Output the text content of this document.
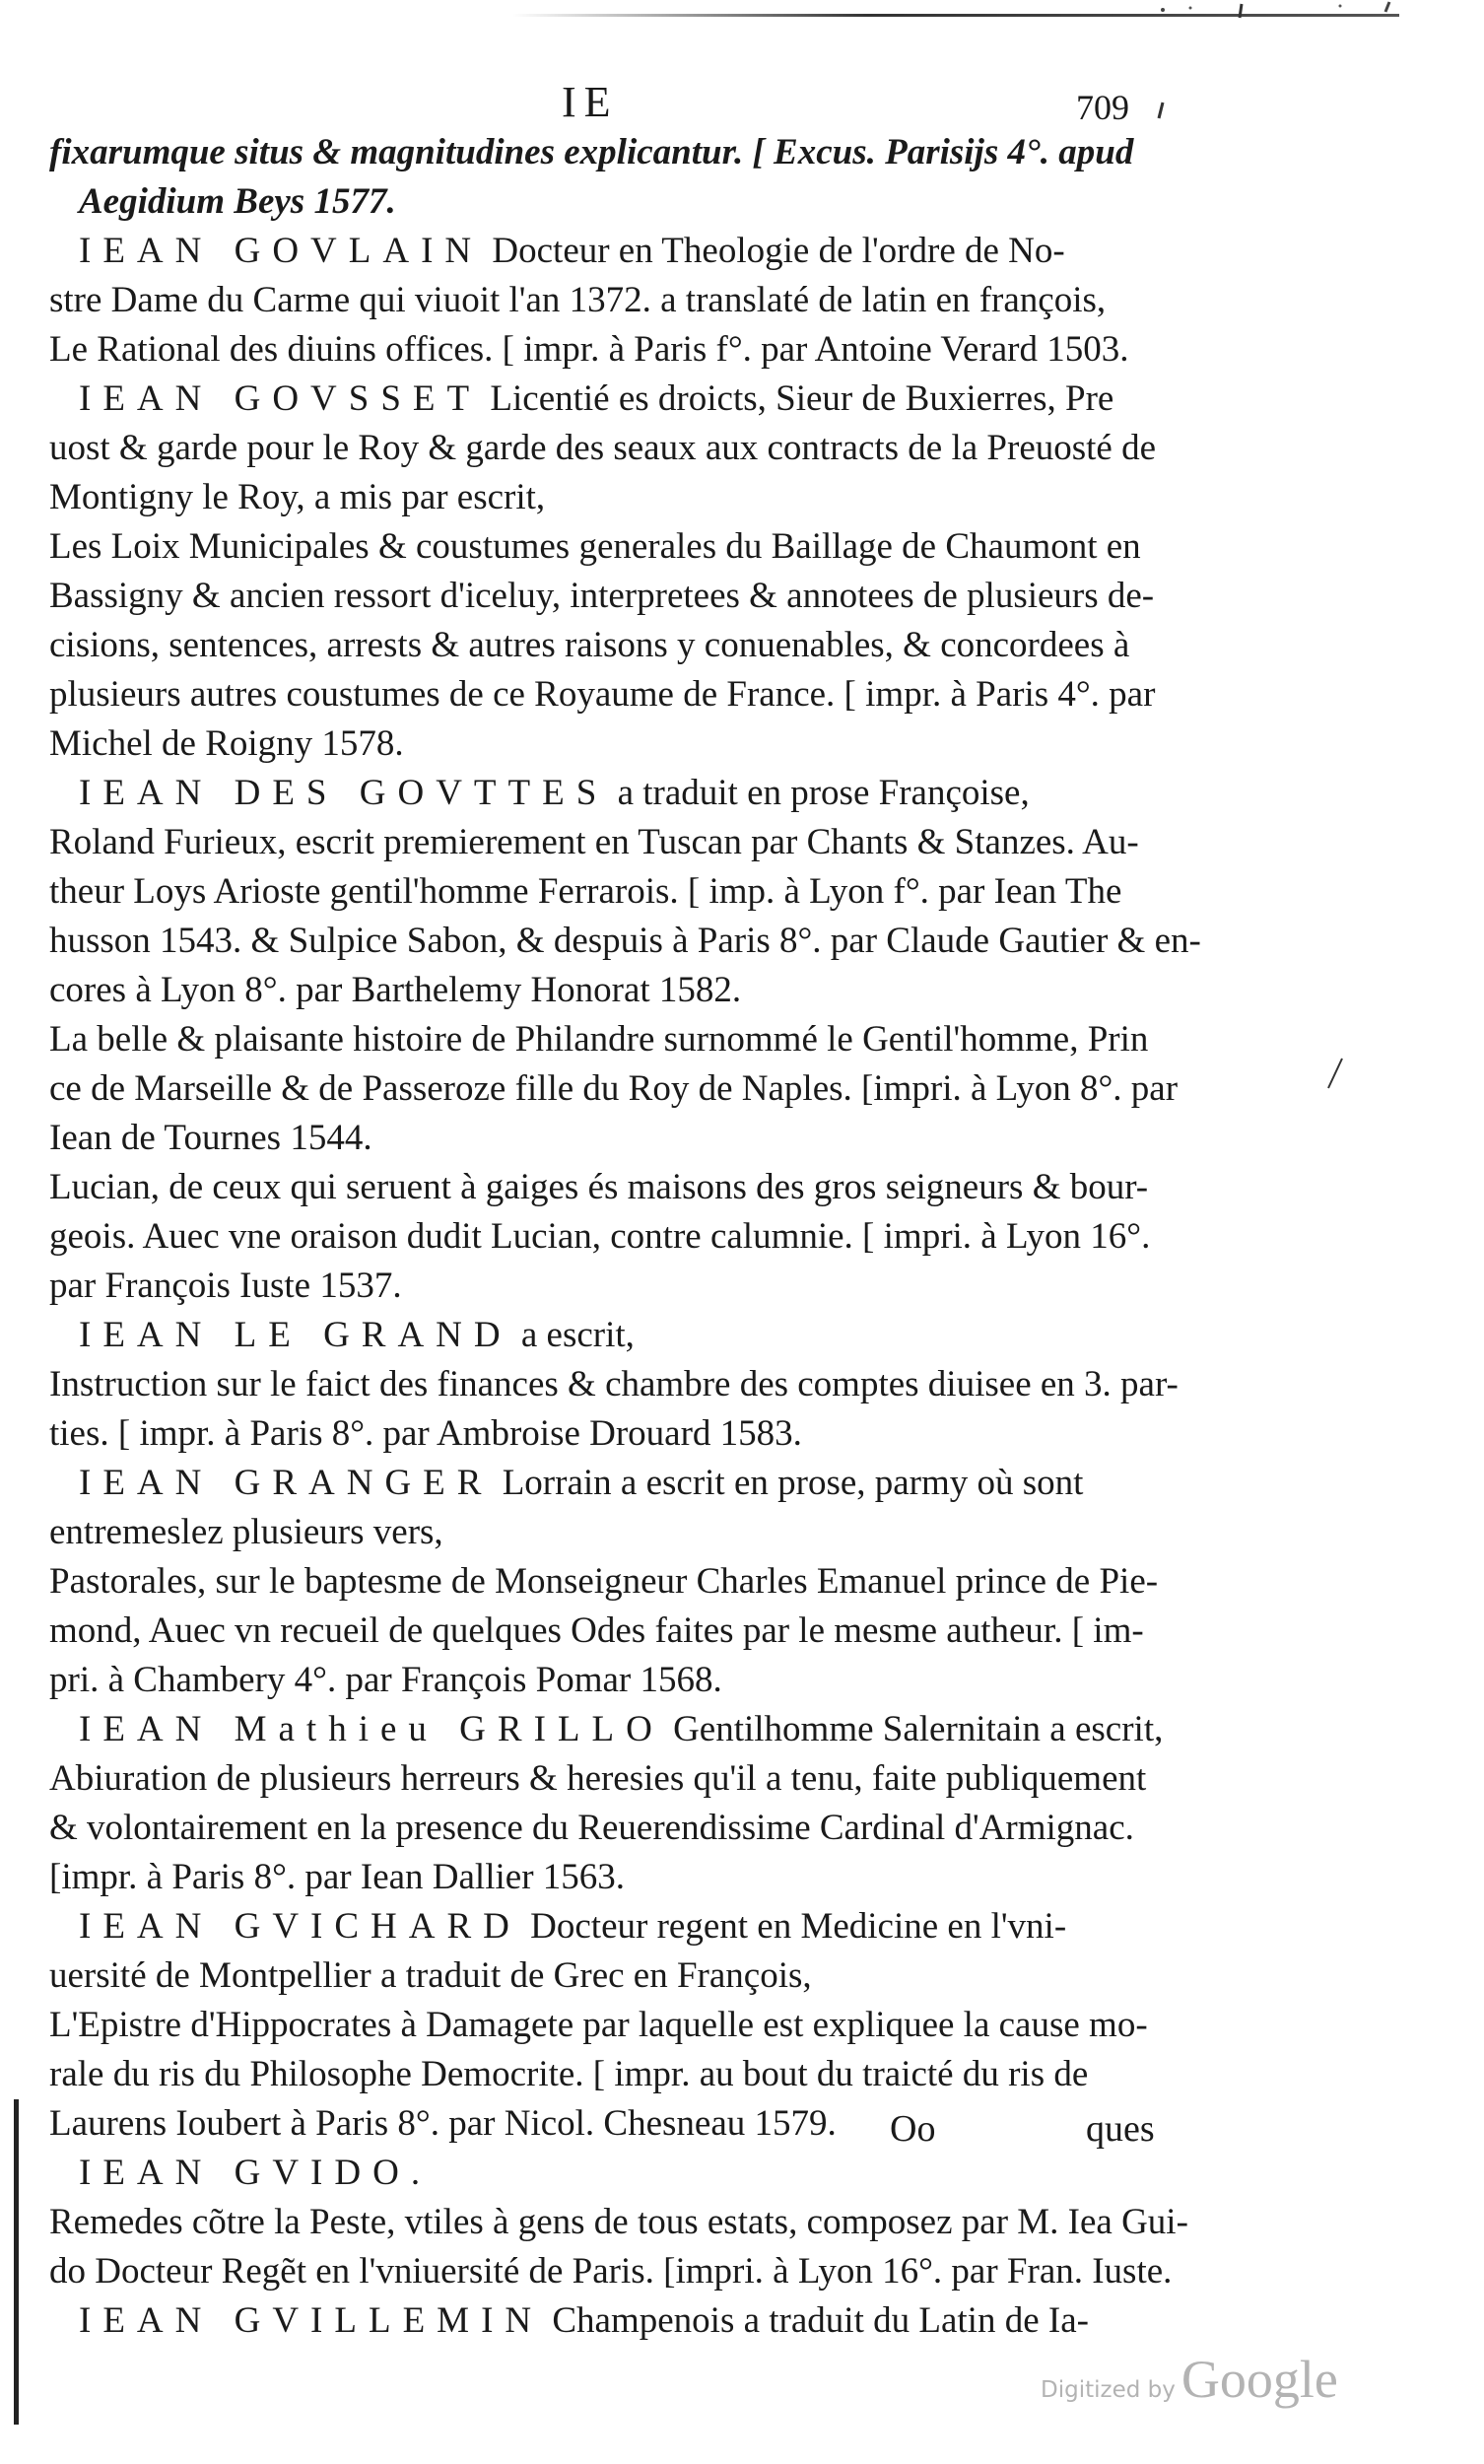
IE	709

fixarumque situs & magnitudines explicantur. [ Excus. Parisijs 4°. apud

Aegidium Beys 1577.

IEAN GOVLAIN Docteur en Theologie de l'ordre de No-

stre Dame du Carme qui viuoit l'an 1372. a translaté de latin en françois,

Le Rational des diuins offices. [ impr. à Paris f°. par Antoine Verard 1503.

IEAN GOVSSET Licentié es droicts, Sieur de Buxierres, Pre

uost & garde pour le Roy & garde des seaux aux contracts de la Preuosté de

Montigny le Roy, a mis par escrit,

Les Loix Municipales & coustumes generales du Baillage de Chaumont en

Bassigny & ancien ressort d'iceluy, interpretees & annotees de plusieurs de-

cisions, sentences, arrests & autres raisons y conuenables, & concordees à

plusieurs autres coustumes de ce Royaume de France. [ impr. à Paris 4°. par

Michel de Roigny 1578.

IEAN DES GOVTTES a traduit en prose Françoise,

Roland Furieux, escrit premierement en Tuscan par Chants & Stanzes. Au-

theur Loys Arioste gentil'homme Ferrarois. [ imp. à Lyon f°. par Iean The

husson 1543. & Sulpice Sabon, & despuis à Paris 8°. par Claude Gautier & en-

cores à Lyon 8°. par Barthelemy Honorat 1582.

La belle & plaisante histoire de Philandre surnommé le Gentil'homme, Prin

ce de Marseille & de Passeroze fille du Roy de Naples. [impri. à Lyon 8°. par

Iean de Tournes 1544.

Lucian, de ceux qui seruent à gaiges és maisons des gros seigneurs & bour-

geois. Auec vne oraison dudit Lucian, contre calumnie. [ impri. à Lyon 16°.

par François Iuste 1537.

IEAN LE GRAND a escrit,

Instruction sur le faict des finances & chambre des comptes diuisee en 3. par-

ties. [ impr. à Paris 8°. par Ambroise Drouard 1583.

IEAN GRANGER Lorrain a escrit en prose, parmy où sont

entremeslez plusieurs vers,

Pastorales, sur le baptesme de Monseigneur Charles Emanuel prince de Pie-

mond, Auec vn recueil de quelques Odes faites par le mesme autheur. [ im-

pri. à Chambery 4°. par François Pomar 1568.

IEAN Mathieu GRILLO Gentilhomme Salernitain a escrit,

Abiuration de plusieurs herreurs & heresies qu'il a tenu, faite publiquement

& volontairement en la presence du Reuerendissime Cardinal d'Armignac.

[impr. à Paris 8°. par Iean Dallier 1563.

IEAN GVICHARD Docteur regent en Medicine en l'vni-

uersité de Montpellier a traduit de Grec en François,

L'Epistre d'Hippocrates à Damagete par laquelle est expliquee la cause mo-

rale du ris du Philosophe Democrite. [ impr. au bout du traicté du ris de

Laurens Ioubert à Paris 8°. par Nicol. Chesneau 1579.

IEAN GVIDO.

Remedes cõtre la Peste, vtiles à gens de tous estats, composez par M. Iea Gui-

do Docteur Regẽt en l'vniuersité de Paris. [impri. à Lyon 16°. par Fran. Iuste.

IEAN GVILLEMIN Champenois a traduit du Latin de Ia-

Oo	ques
Digitized by Google
